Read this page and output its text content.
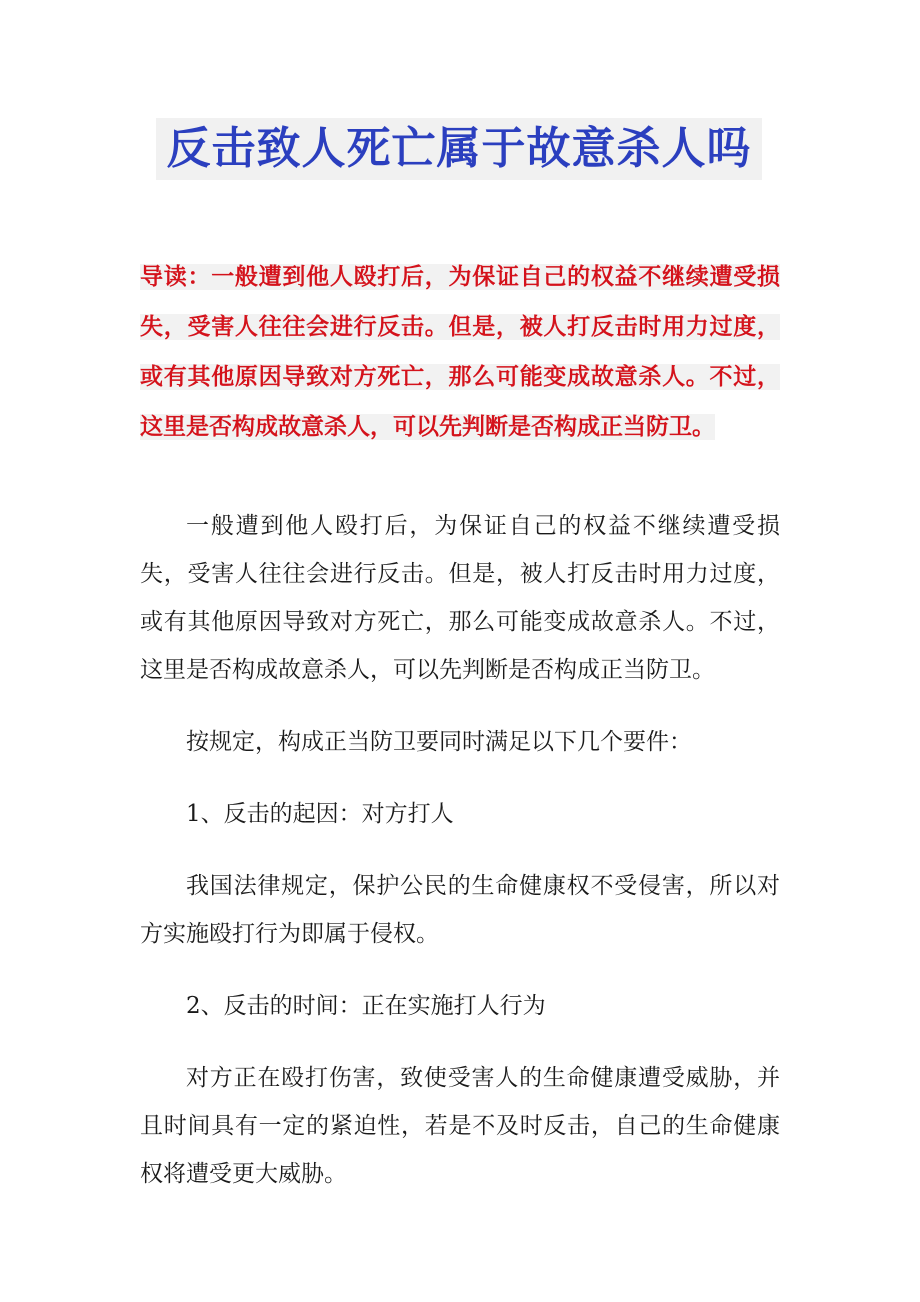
反击致人死亡属于故意杀人吗

导读：一般遭到他人殴打后，为保证自己的权益不继续遭受损失，受害人往往会进行反击。但是，被人打反击时用力过度，或有其他原因导致对方死亡，那么可能变成故意杀人。不过，这里是否构成故意杀人，可以先判断是否构成正当防卫。

一般遭到他人殴打后，为保证自己的权益不继续遭受损失，受害人往往会进行反击。但是，被人打反击时用力过度，或有其他原因导致对方死亡，那么可能变成故意杀人。不过，这里是否构成故意杀人，可以先判断是否构成正当防卫。

按规定，构成正当防卫要同时满足以下几个要件：

1、反击的起因：对方打人

我国法律规定，保护公民的生命健康权不受侵害，所以对方实施殴打行为即属于侵权。

2、反击的时间：正在实施打人行为

对方正在殴打伤害，致使受害人的生命健康遭受威胁，并且时间具有一定的紧迫性，若是不及时反击，自己的生命健康权将遭受更大威胁。
